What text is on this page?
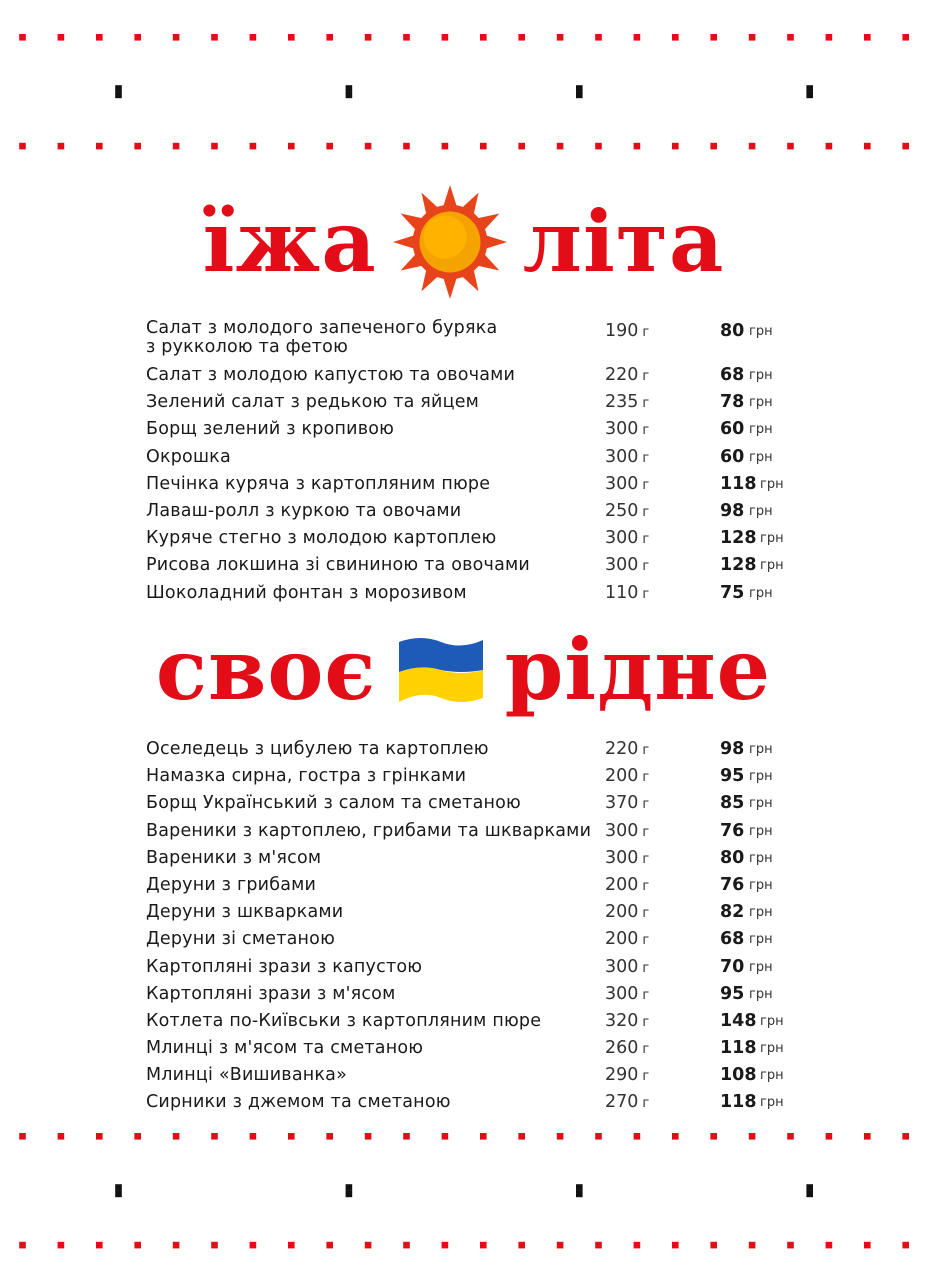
їжа літа
Салат з молодого запеченого буряка
з рукколою та фетою
190 г	80 грн
Салат з молодою капустою та овочами	220 г	68 грн
Зелений салат з редькою та яйцем	235 г	78 грн
Борщ зелений з кропивою	300 г	60 грн
Окрошка	300 г	60 грн
Печінка куряча з картопляним пюре	300 г	118 грн
Лаваш-ролл з куркою та овочами	250 г	98 грн
Куряче стегно з молодою картоплею	300 г	128 грн
Рисова локшина зі свининою та овочами	300 г	128 грн
Шоколадний фонтан з морозивом	110 г	75 грн
своє рідне
Оселедець з цибулею та картоплею	220 г	98 грн
Намазка сирна, гостра з грінками	200 г	95 грн
Борщ Український з салом та сметаною	370 г	85 грн
Вареники з картоплею, грибами та шкварками 300 г	76 грн
Вареники з м'ясом	300 г	80 грн
Деруни з грибами	200 г	76 грн
Деруни з шкварками	200 г	82 грн
Деруни зі сметаною	200 г	68 грн
Картопляні зрази з капустою	300 г	70 грн
Картопляні зрази з м'ясом	300 г	95 грн
Котлета по-Київськи з картопляним пюре	320 г	148 грн
Млинці з м'ясом та сметаною	260 г	118 грн
Млинці «Вишиванка»	290 г	108 грн
Сирники з джемом та сметаною	270 г	118 грн
